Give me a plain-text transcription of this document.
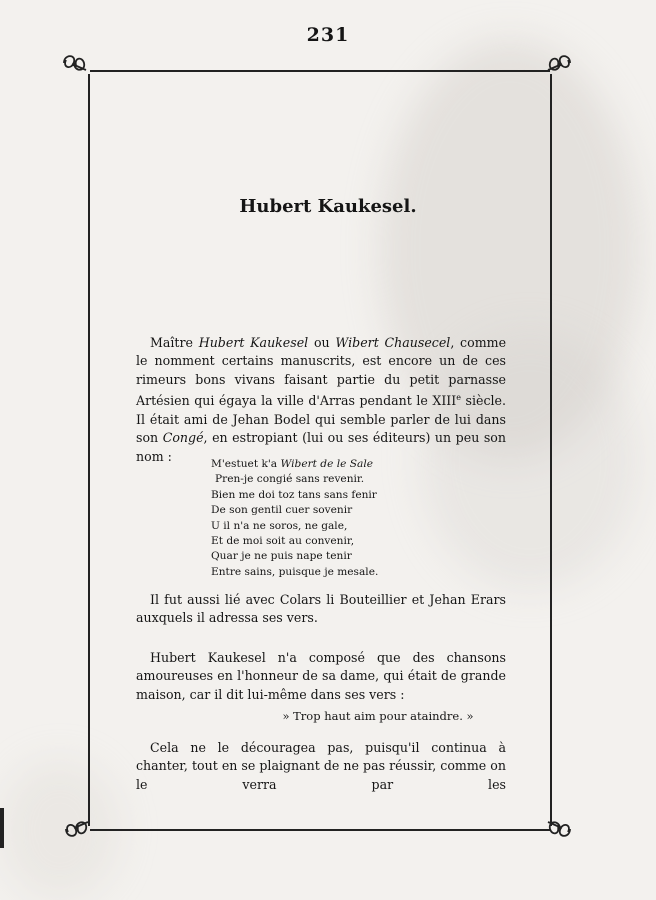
231
Hubert Kaukesel.
Maître Hubert Kaukesel ou Wibert Chausecel, comme le nomment certains manuscrits, est encore un de ces rimeurs bons vivans faisant partie du petit parnasse Artésien qui égaya la ville d'Arras pendant le XIIIe siècle. Il était ami de Jehan Bodel qui semble parler de lui dans son Congé, en estropiant (lui ou ses éditeurs) un peu son nom :
M'estuet k'a Wibert de le Sale
Pren-je congié sans revenir.
Bien me doi toz tans sans fenir
De son gentil cuer sovenir
U il n'a ne soros, ne gale,
Et de moi soit au convenir,
Quar je ne puis nape tenir
Entre sains, puisque je mesale.
Il fut aussi lié avec Colars li Bouteillier et Jehan Erars auxquels il adressa ses vers.
Hubert Kaukesel n'a composé que des chansons amoureuses en l'honneur de sa dame, qui était de grande maison, car il dit lui-même dans ses vers :
» Trop haut aim pour ataindre. »
Cela ne le découragea pas, puisqu'il continua à chanter, tout en se plaignant de ne pas réussir, comme on le verra par les
